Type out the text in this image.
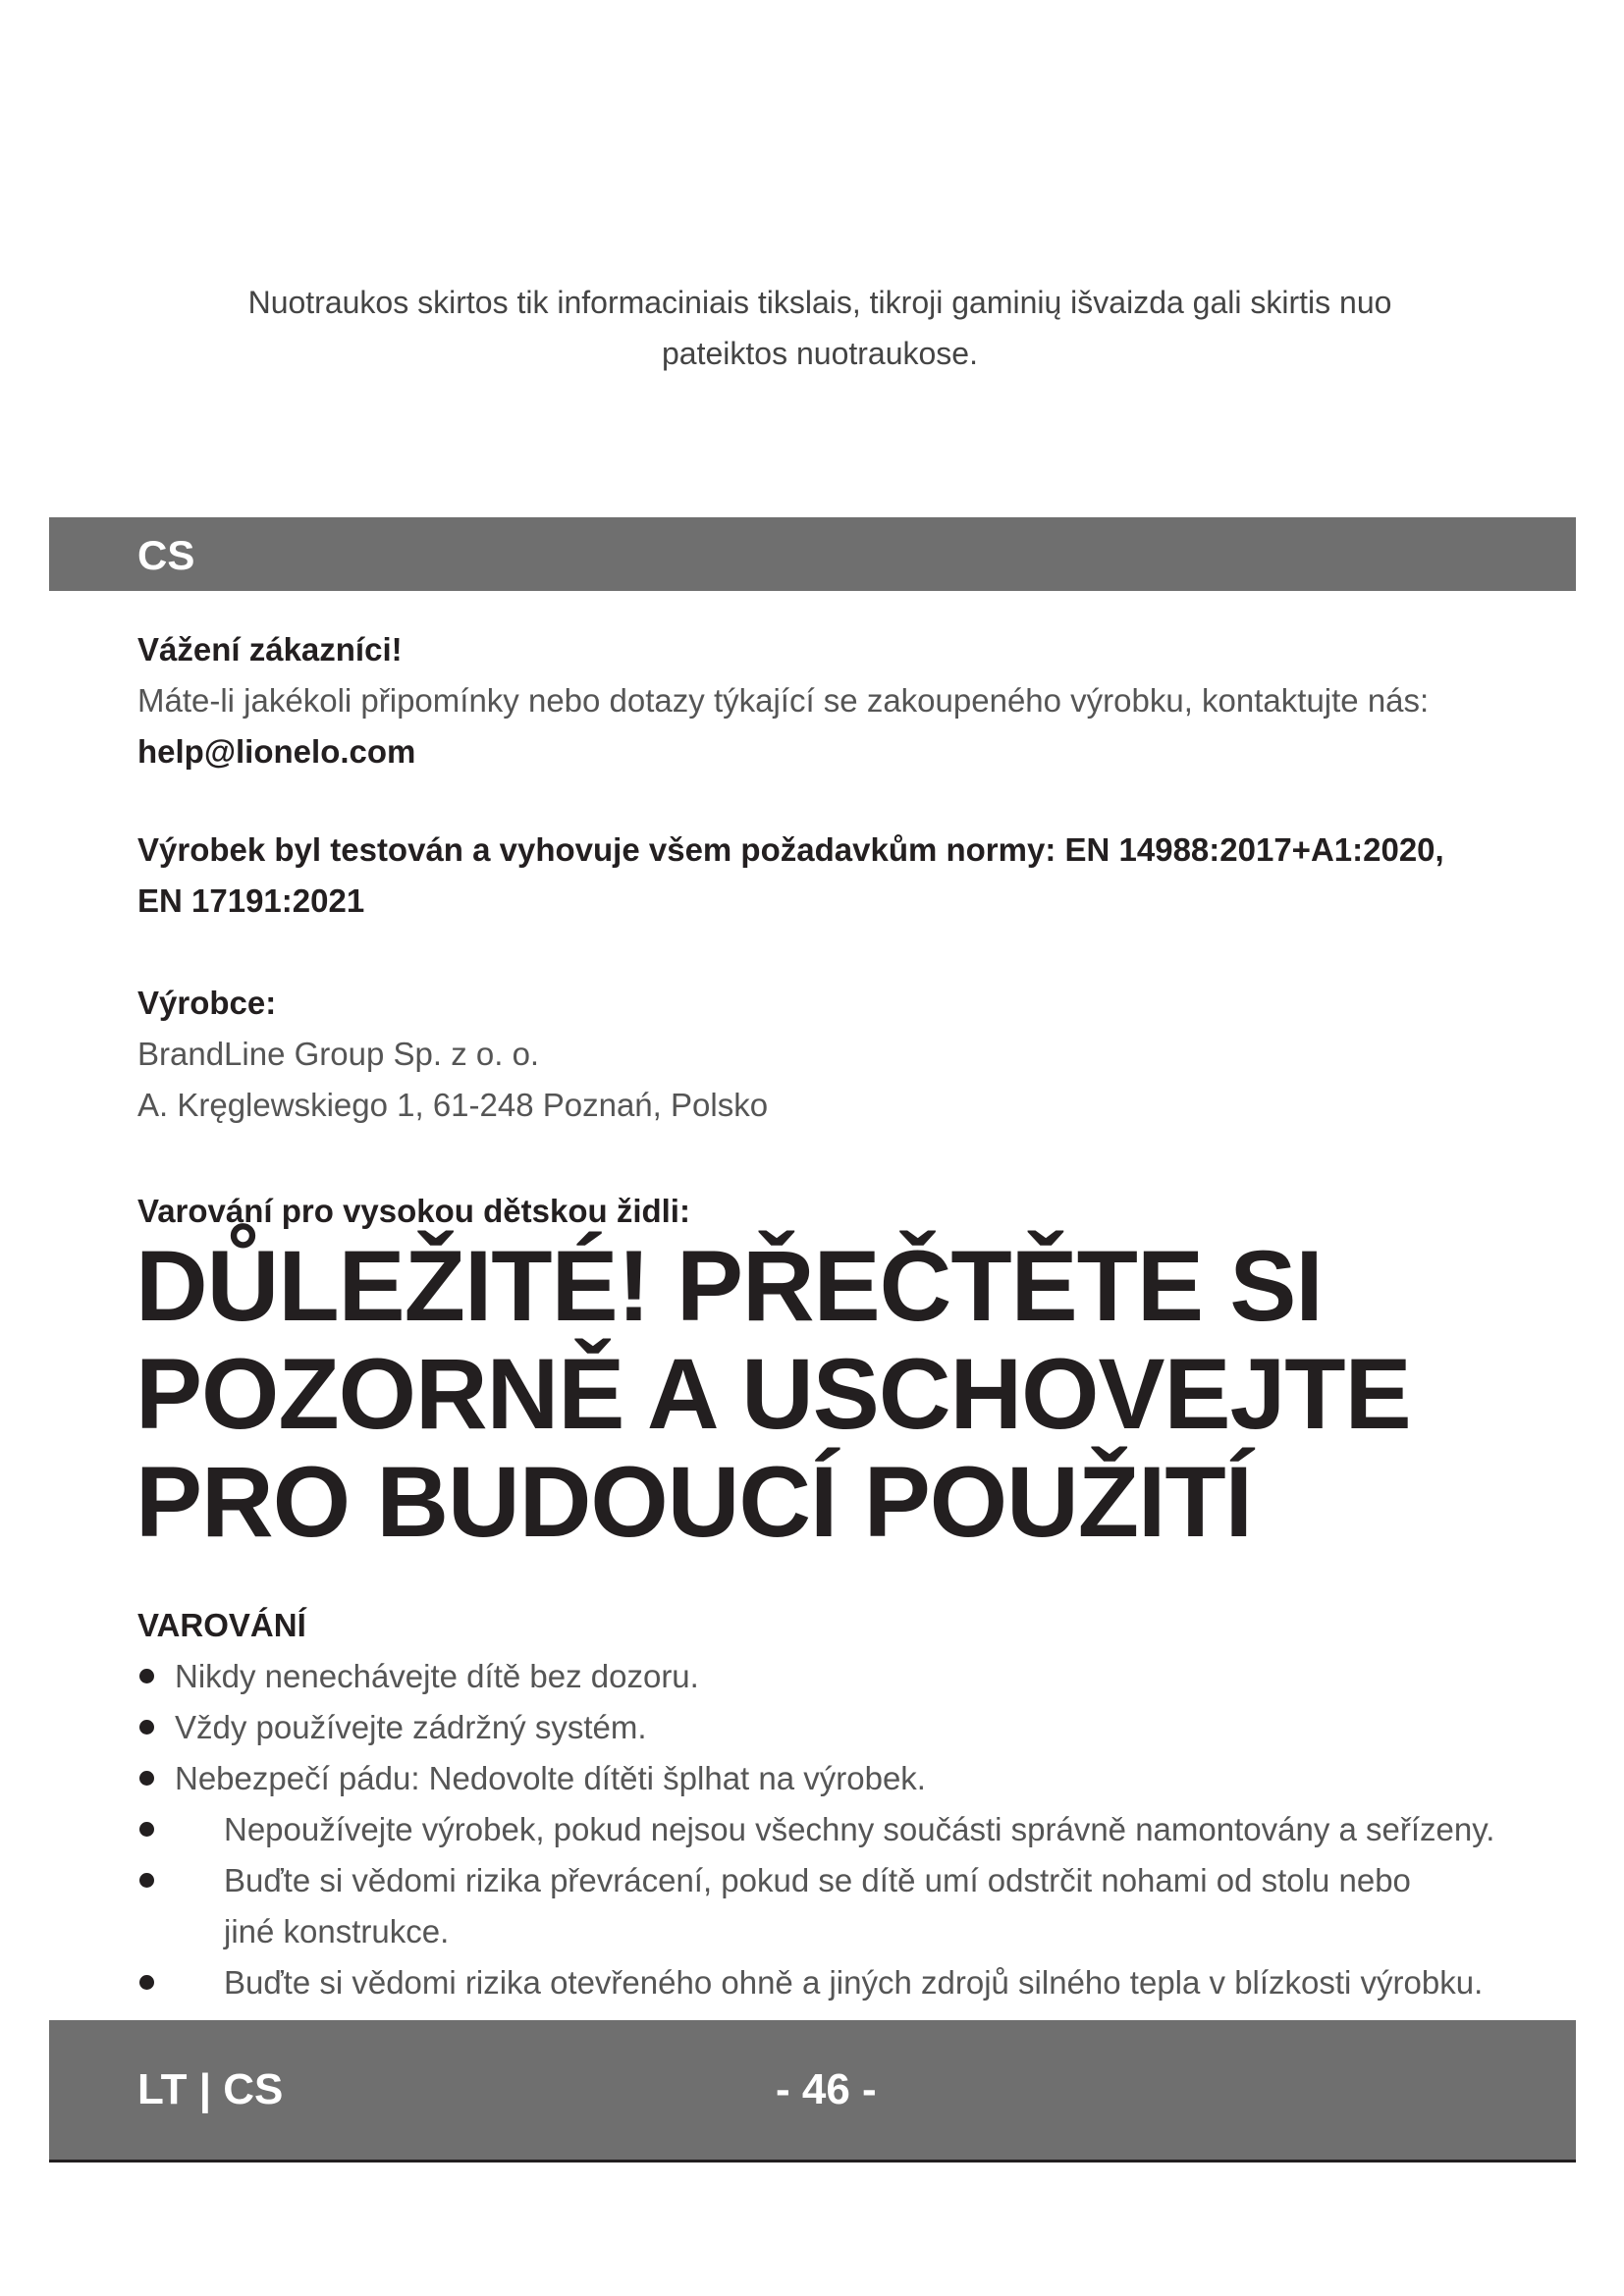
Nuotraukos skirtos tik informaciniais tikslais, tikroji gaminių išvaizda gali skirtis nuo
pateiktos nuotraukose.
CS
Vážení zákazníci!
Máte-li jakékoli připomínky nebo dotazy týkající se zakoupeného výrobku, kontaktujte nás:
help@lionelo.com
Výrobek byl testován a vyhovuje všem požadavkům normy: EN 14988:2017+A1:2020,
EN 17191:2021
Výrobce:
BrandLine Group Sp. z o. o.
A. Kręglewskiego 1, 61-248 Poznań, Polsko
Varování pro vysokou dětskou židli:
DŮLEŽITÉ! PŘEČTĚTE SI
POZORNĚ A USCHOVEJTE
PRO BUDOUCÍ POUŽITÍ
VAROVÁNÍ
Nikdy nenechávejte dítě bez dozoru.
Vždy používejte zádržný systém.
Nebezpečí pádu: Nedovolte dítěti šplhat na výrobek.
Nepoužívejte výrobek, pokud nejsou všechny součásti správně namontovány a seřízeny.
Buďte si vědomi rizika převrácení, pokud se dítě umí odstrčit nohami od stolu nebo jiné konstrukce.
Buďte si vědomi rizika otevřeného ohně a jiných zdrojů silného tepla v blízkosti výrobku.
LT | CS	- 46 -
